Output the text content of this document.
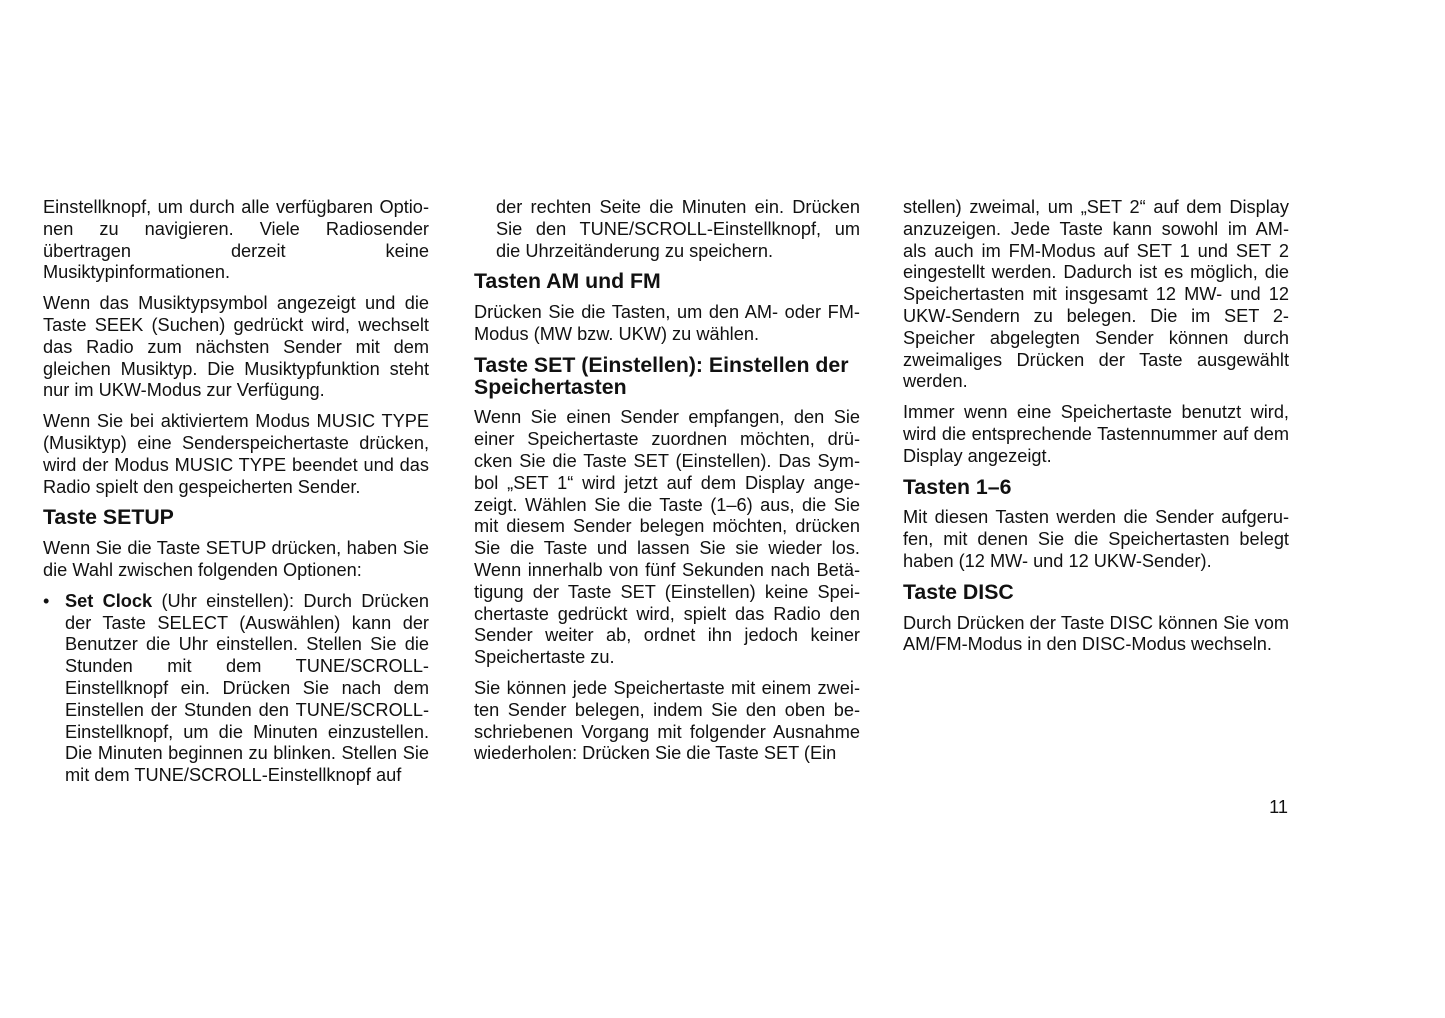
Einstellknopf, um durch alle verfügbaren Optionen zu navigieren. Viele Radiosender übertragen derzeit keine Musiktypinformationen.

Wenn das Musiktypsymbol angezeigt und die Taste SEEK (Suchen) gedrückt wird, wechselt das Radio zum nächsten Sender mit dem gleichen Musiktyp. Die Musiktypfunktion steht nur im UKW-Modus zur Verfügung.

Wenn Sie bei aktiviertem Modus MUSIC TYPE (Musiktyp) eine Senderspeichertaste drücken, wird der Modus MUSIC TYPE beendet und das Radio spielt den gespeicherten Sender.

Taste SETUP

Wenn Sie die Taste SETUP drücken, haben Sie die Wahl zwischen folgenden Optionen:

• Set Clock (Uhr einstellen): Durch Drücken der Taste SELECT (Auswählen) kann der Benutzer die Uhr einstellen. Stellen Sie die Stunden mit dem TUNE/SCROLL-Einstellknopf ein. Drücken Sie nach dem Einstellen der Stunden den TUNE/SCROLL-Einstellknopf, um die Minuten einzustellen. Die Minuten beginnen zu blinken. Stellen Sie mit dem TUNE/SCROLL-Einstellknopf auf

der rechten Seite die Minuten ein. Drücken Sie den TUNE/SCROLL-Einstellknopf, um die Uhrzeitänderung zu speichern.

Tasten AM und FM

Drücken Sie die Tasten, um den AM- oder FM-Modus (MW bzw. UKW) zu wählen.

Taste SET (Einstellen): Einstellen der Speichertasten

Wenn Sie einen Sender empfangen, den Sie einer Speichertaste zuordnen möchten, drücken Sie die Taste SET (Einstellen). Das Symbol „SET 1“ wird jetzt auf dem Display angezeigt. Wählen Sie die Taste (1–6) aus, die Sie mit diesem Sender belegen möchten, drücken Sie die Taste und lassen Sie sie wieder los. Wenn innerhalb von fünf Sekunden nach Betätigung der Taste SET (Einstellen) keine Speichertaste gedrückt wird, spielt das Radio den Sender weiter ab, ordnet ihn jedoch keiner Speichertaste zu.

Sie können jede Speichertaste mit einem zweiten Sender belegen, indem Sie den oben beschriebenen Vorgang mit folgender Ausnahme wiederholen: Drücken Sie die Taste SET (Ein

stellen) zweimal, um „SET 2“ auf dem Display anzuzeigen. Jede Taste kann sowohl im AM- als auch im FM-Modus auf SET 1 und SET 2 eingestellt werden. Dadurch ist es möglich, die Speichertasten mit insgesamt 12 MW- und 12 UKW-Sendern zu belegen. Die im SET 2-Speicher abgelegten Sender können durch zweimaliges Drücken der Taste ausgewählt werden.

Immer wenn eine Speichertaste benutzt wird, wird die entsprechende Tastennummer auf dem Display angezeigt.

Tasten 1–6

Mit diesen Tasten werden die Sender aufgerufen, mit denen Sie die Speichertasten belegt haben (12 MW- und 12 UKW-Sender).

Taste DISC

Durch Drücken der Taste DISC können Sie vom AM/FM-Modus in den DISC-Modus wechseln.

11
